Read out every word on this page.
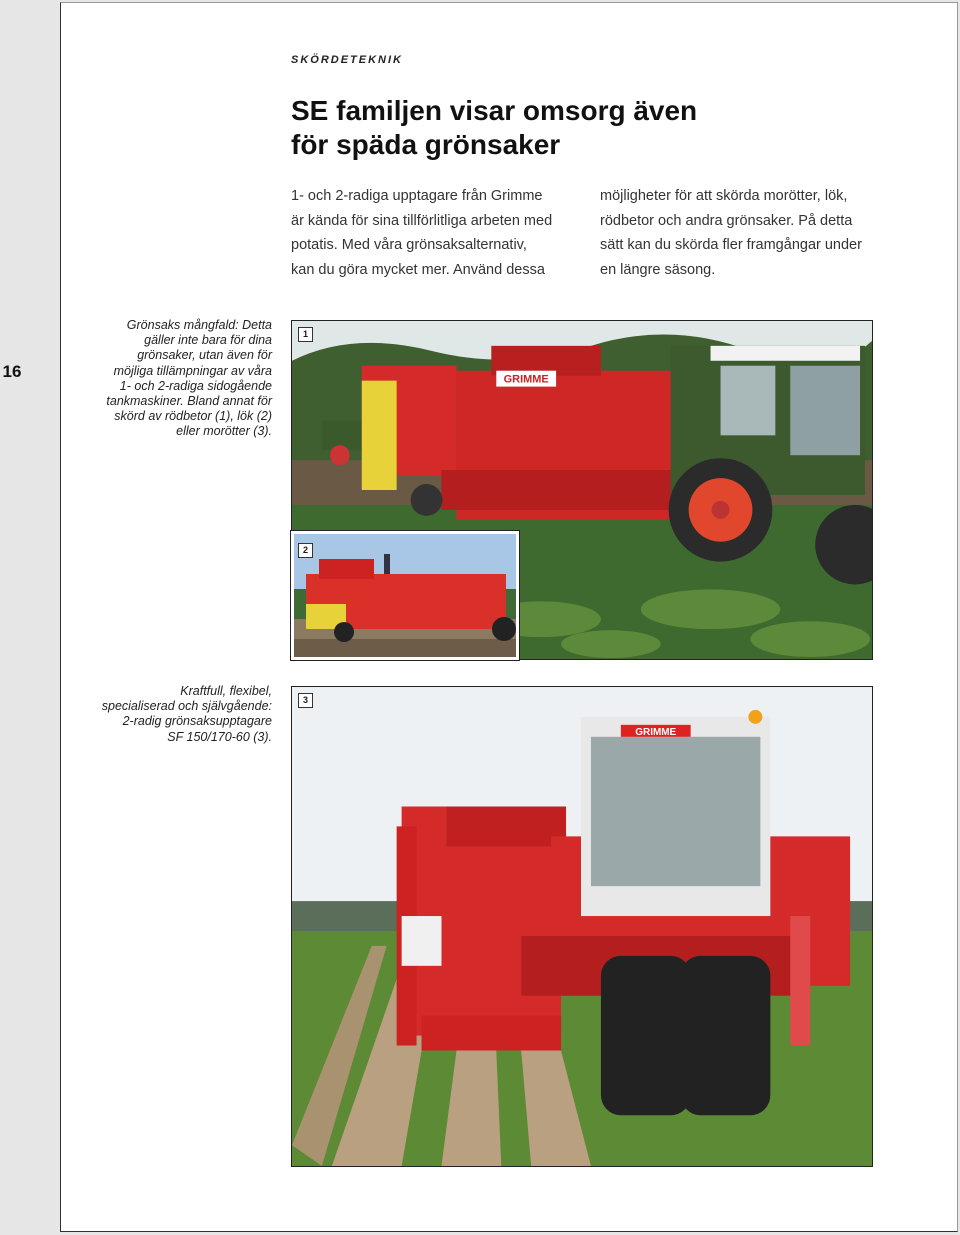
SKÖRDETEKNIK
SE familjen visar omsorg även
för späda grönsaker
1- och 2-radiga upptagare från Grimme
är kända för sina tillförlitliga arbeten med
potatis. Med våra grönsaksalternativ,
kan du göra mycket mer. Använd dessa
möjligheter för att skörda morötter, lök,
rödbetor och andra grönsaker. På detta
sätt kan du skörda fler framgångar under
en längre säsong.
16
Grönsaks mångfald: Detta
gäller inte bara för dina
grönsaker, utan även för
möjliga tillämpningar av våra
1- och 2-radiga sidogående
tankmaskiner. Bland annat för
skörd av rödbetor (1), lök (2)
eller morötter (3).
Kraftfull, flexibel,
specialiserad och självgående:
2-radig grönsaksupptagare
SF 150/170-60 (3).
GRIMME
1
2
GRIMME
3
